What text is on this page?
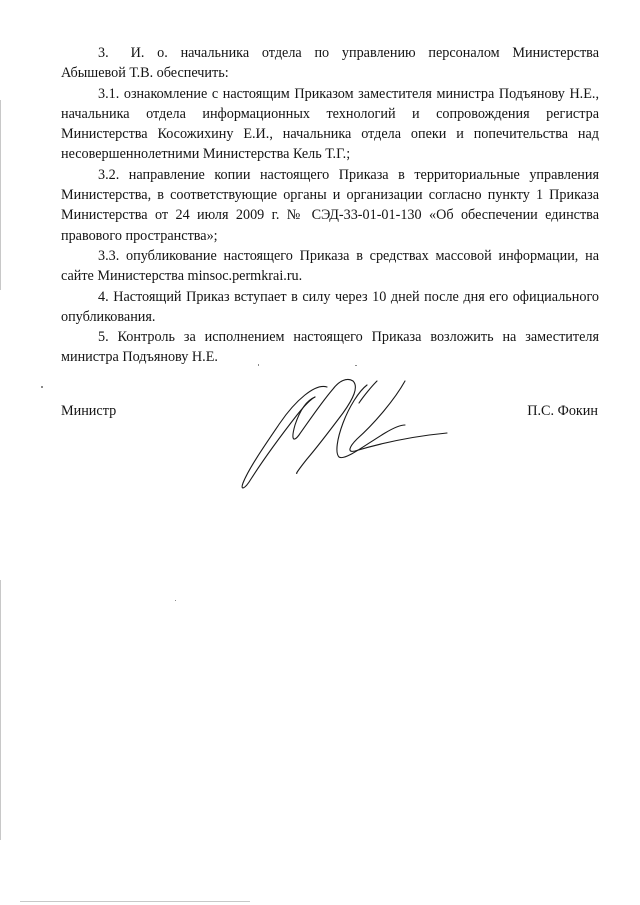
3. И. о. начальника отдела по управлению персоналом Министерства Абышевой Т.В. обеспечить:

3.1. ознакомление с настоящим Приказом заместителя министра Подъянову Н.Е., начальника отдела информационных технологий и сопровождения регистра Министерства Косожихину Е.И., начальника отдела опеки и попечительства над несовершеннолетними Министерства Кель Т.Г.;

3.2. направление копии настоящего Приказа в территориальные управления Министерства, в соответствующие органы и организации согласно пункту 1 Приказа Министерства от 24 июля 2009 г. № СЭД-33-01-01-130 «Об обеспечении единства правового пространства»;

3.3. опубликование настоящего Приказа в средствах массовой информации, на сайте Министерства minsoc.permkrai.ru.

4. Настоящий Приказ вступает в силу через 10 дней после дня его официального опубликования.

5. Контроль за исполнением настоящего Приказа возложить на заместителя министра Подъянову Н.Е.

Министр	П.С. Фокин
